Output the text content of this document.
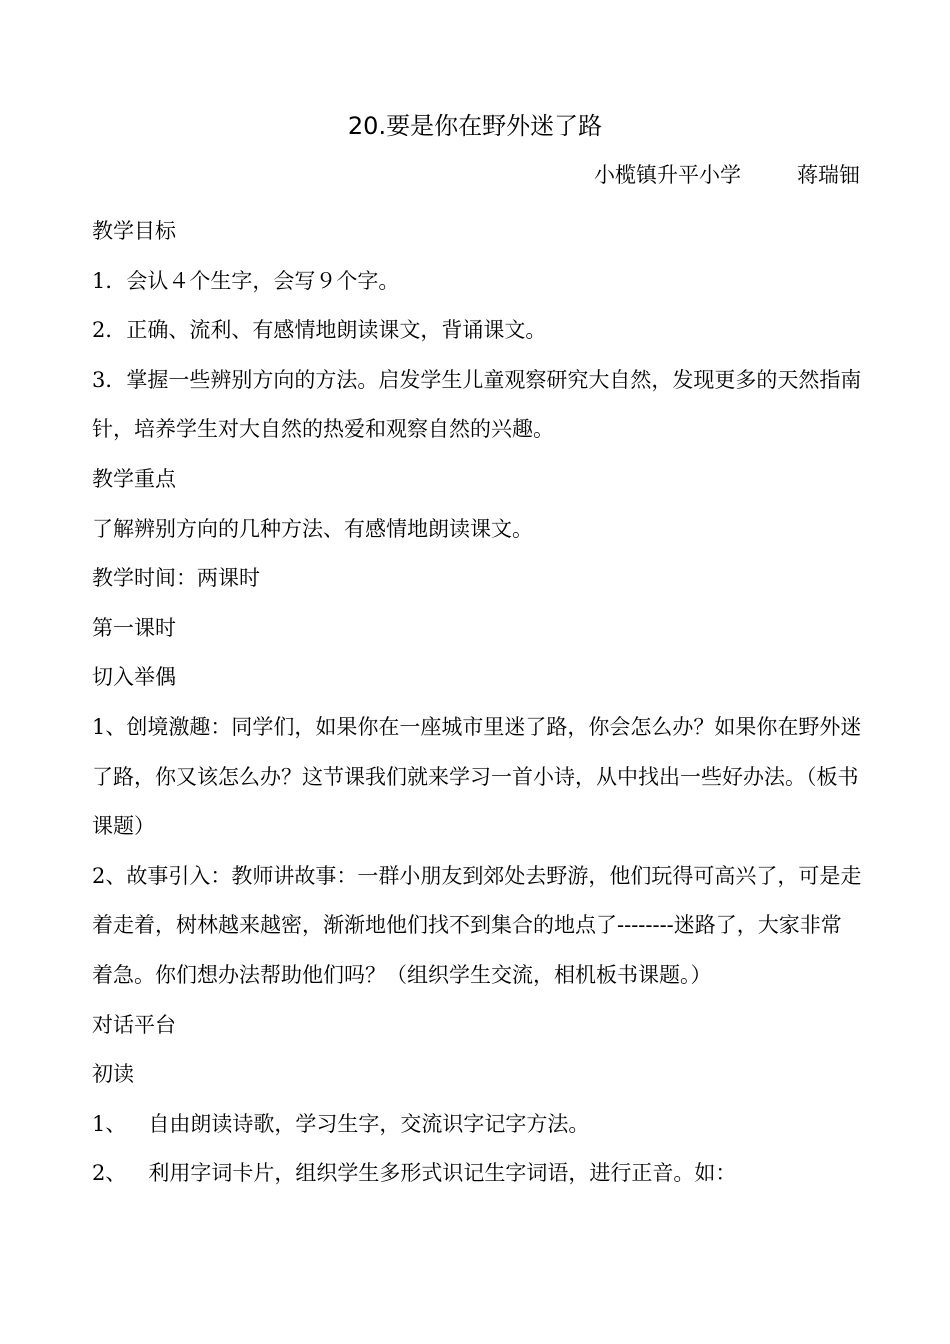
20.要是你在野外迷了路
小榄镇升平小学	蒋瑞钿

教学目标

1．会认４个生字，会写９个字。

2．正确、流利、有感情地朗读课文，背诵课文。

3．掌握一些辨别方向的方法。启发学生儿童观察研究大自然，发现更多的天然指南针，培养学生对大自然的热爱和观察自然的兴趣。

教学重点

了解辨别方向的几种方法、有感情地朗读课文。

教学时间：两课时

第一课时

切入举偶

1、创境激趣：同学们，如果你在一座城市里迷了路，你会怎么办？如果你在野外迷了路，你又该怎么办？这节课我们就来学习一首小诗，从中找出一些好办法。（板书课题）

2、故事引入：教师讲故事：一群小朋友到郊处去野游，他们玩得可高兴了，可是走着走着，树林越来越密，渐渐地他们找不到集合的地点了--------迷路了，大家非常着急。你们想办法帮助他们吗？（组织学生交流，相机板书课题。）

对话平台

初读

1、 自由朗读诗歌，学习生字，交流识字记字方法。

2、 利用字词卡片，组织学生多形式识记生字词语，进行正音。如：
